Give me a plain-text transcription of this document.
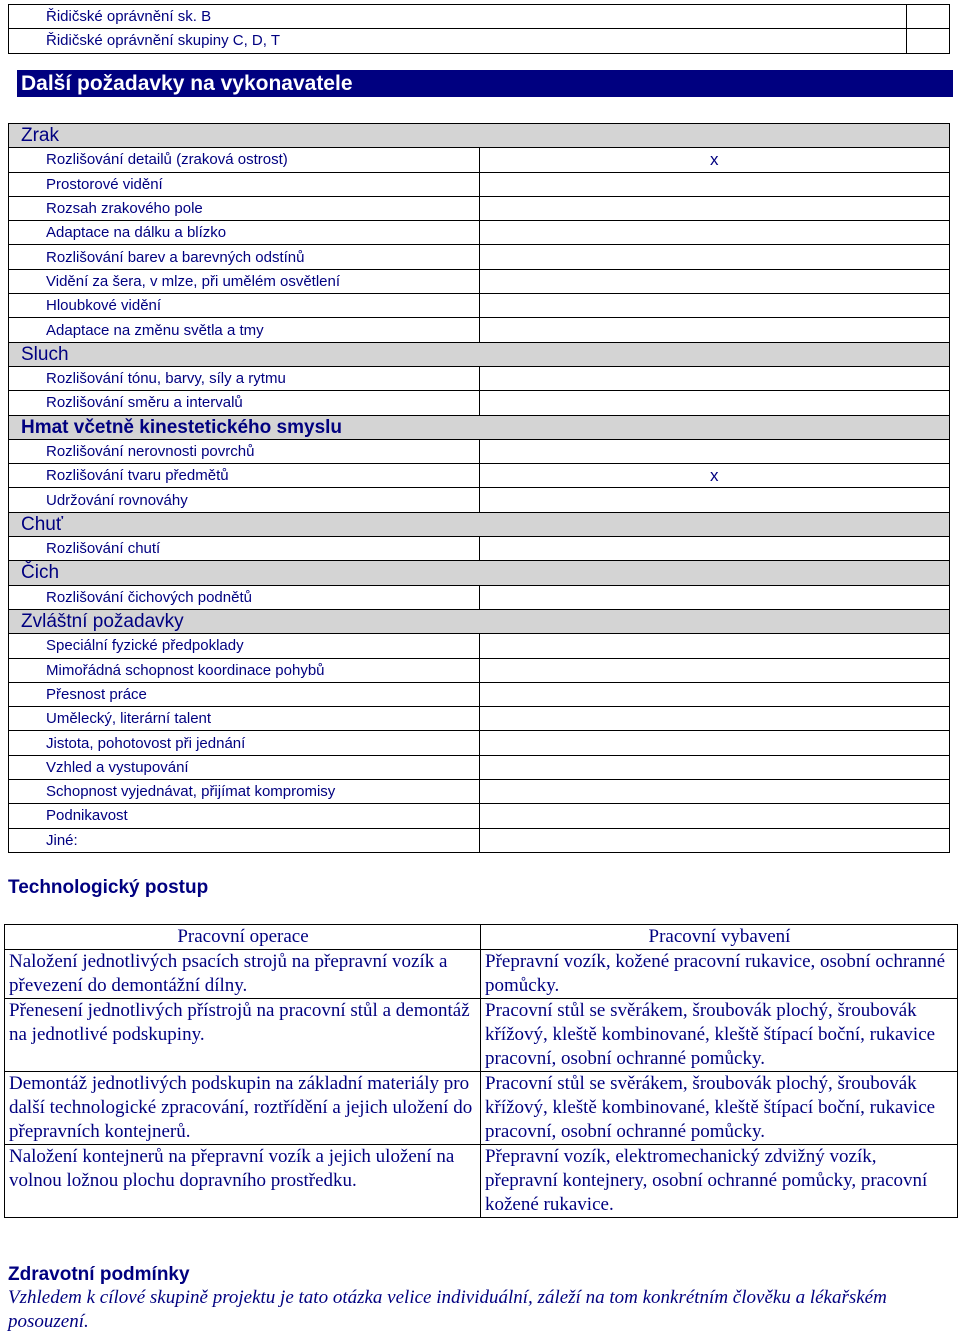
Řidičské oprávnění sk. B	
Řidičské oprávnění skupiny C, D, T	
Další požadavky na vykonavatele
Zrak	
Rozlišování detailů (zraková ostrost)	x
Prostorové vidění	
Rozsah zrakového pole	
Adaptace na dálku a blízko	
Rozlišování barev a barevných odstínů	
Vidění za šera, v mlze, při umělém osvětlení	
Hloubkové vidění	
Adaptace na změnu světla a tmy	
Sluch	
Rozlišování tónu, barvy, síly a rytmu	
Rozlišování směru a intervalů	
Hmat včetně kinestetického smyslu	
Rozlišování nerovnosti povrchů	
Rozlišování tvaru předmětů	x
Udržování rovnováhy	
Chuť	
Rozlišování chutí	
Čich	
Rozlišování čichových podnětů	
Zvláštní požadavky	
Speciální fyzické předpoklady	
Mimořádná schopnost koordinace pohybů	
Přesnost práce	
Umělecký, literární talent	
Jistota, pohotovost při jednání	
Vzhled a vystupování	
Schopnost vyjednávat, přijímat kompromisy	
Podnikavost	
Jiné:	
Technologický postup
Pracovní operace	Pracovní vybavení
Naložení jednotlivých psacích strojů na přepravní vozík a převezení do demontážní dílny.	Přepravní vozík, kožené pracovní rukavice, osobní ochranné pomůcky.
Přenesení jednotlivých přístrojů na pracovní stůl a demontáž na jednotlivé podskupiny.	Pracovní stůl se svěrákem, šroubovák plochý, šroubovák křížový, kleště kombinované, kleště štípací boční, rukavice pracovní, osobní ochranné pomůcky.
Demontáž jednotlivých podskupin na základní materiály pro další technologické zpracování, roztřídění a jejich uložení do přepravních kontejnerů.	Pracovní stůl se svěrákem, šroubovák plochý, šroubovák křížový, kleště kombinované, kleště štípací boční, rukavice pracovní, osobní ochranné pomůcky.
Naložení kontejnerů na přepravní vozík a jejich uložení na volnou ložnou plochu dopravního prostředku.	Přepravní vozík, elektromechanický zdvižný vozík, přepravní kontejnery, osobní ochranné pomůcky, pracovní kožené rukavice.
Zdravotní podmínky
Vzhledem k cílové skupině projektu je tato otázka velice individuální, záleží na tom konkrétním člověku a lékařském posouzení.
